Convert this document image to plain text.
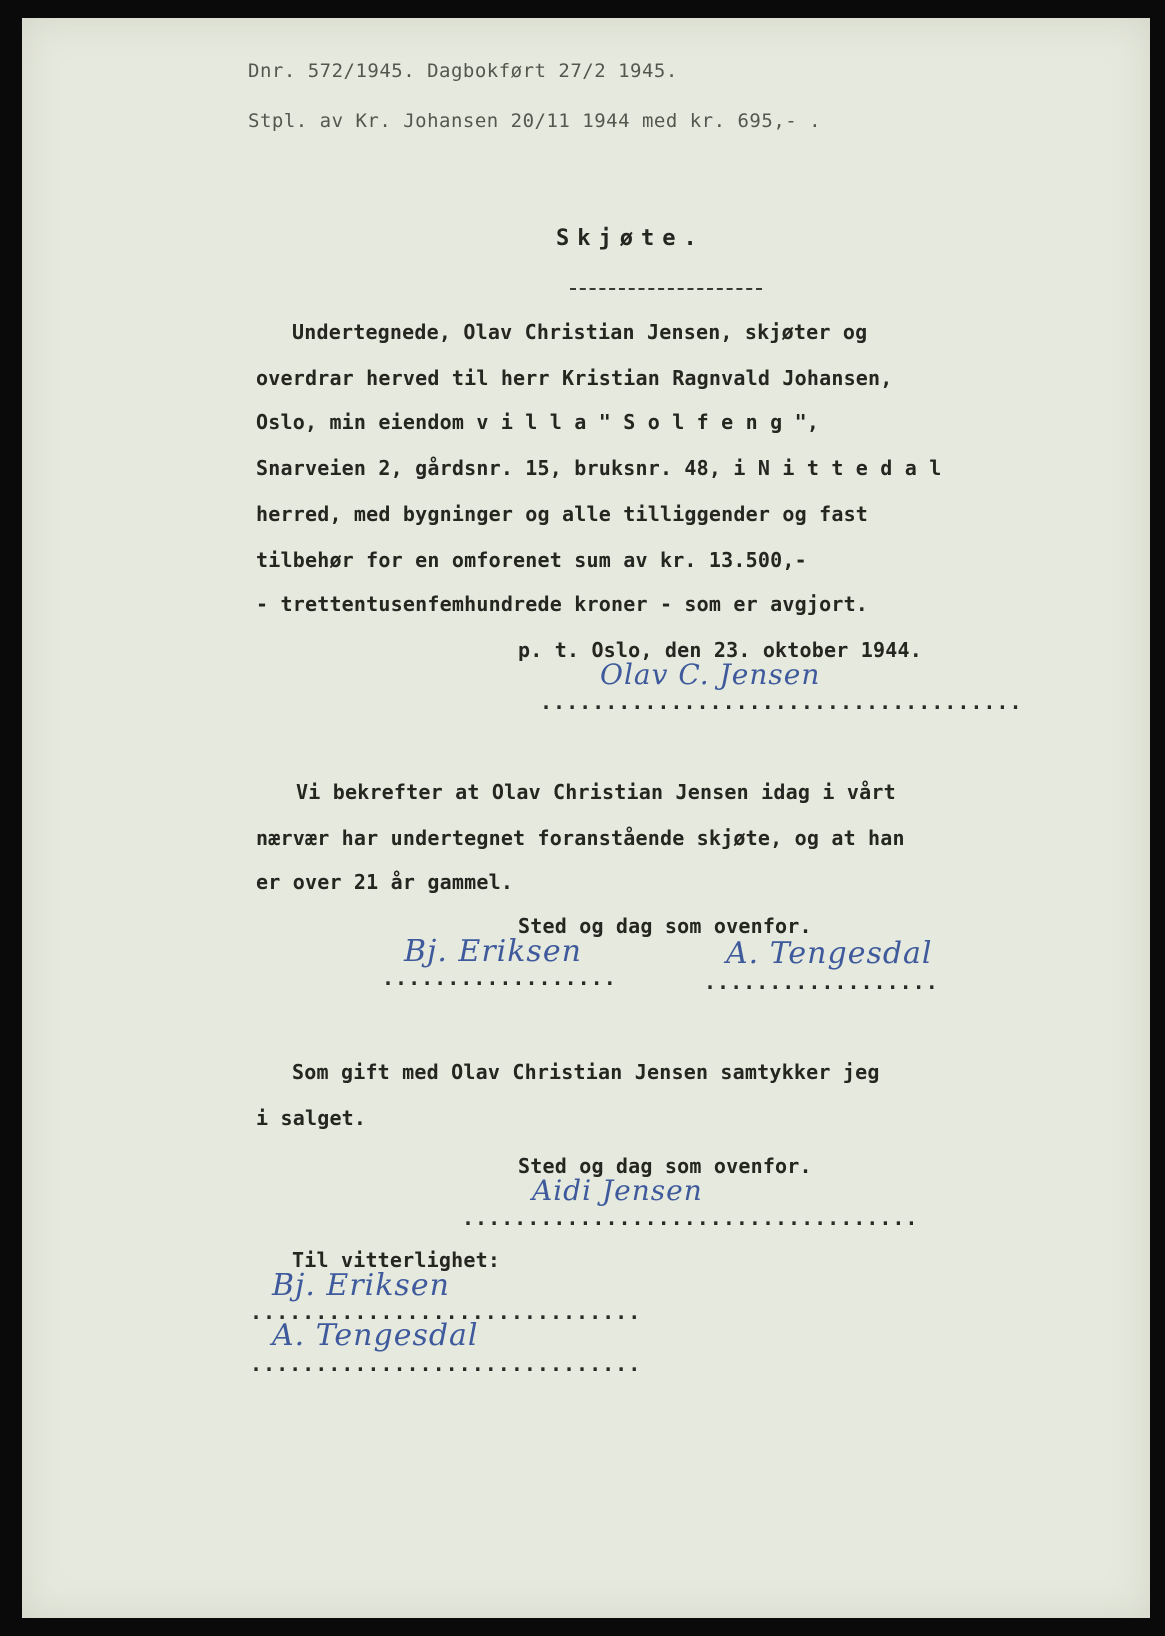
Dnr. 572/1945. Dagbokført 27/2 1945.
Stpl. av Kr. Johansen 20/11 1944 med kr. 695,- .
Skjøte.
Undertegnede, Olav Christian Jensen, skjøter og
overdrar herved til herr Kristian Ragnvald Johansen,
Oslo, min eiendom v i l l a " S o l f e n g ",
Snarveien 2, gårdsnr. 15, bruksnr. 48, i N i t t e d a l
herred, med bygninger og alle tilliggender og fast
tilbehør for en omforenet sum av kr. 13.500,-
- trettentusenfemhundrede kroner - som er avgjort.
p. t. Oslo, den 23. oktober 1944.
Olav C. Jensen
.....................................
Vi bekrefter at Olav Christian Jensen idag i vårt
nærvær har undertegnet foranstående skjøte, og at han
er over 21 år gammel.
Sted og dag som ovenfor.
Bj. Eriksen
..................
A. Tengesdal
..................
Som gift med Olav Christian Jensen samtykker jeg
i salget.
Sted og dag som ovenfor.
Aidi Jensen
...................................
Til vitterlighet:
Bj. Eriksen
..............................
A. Tengesdal
..............................
